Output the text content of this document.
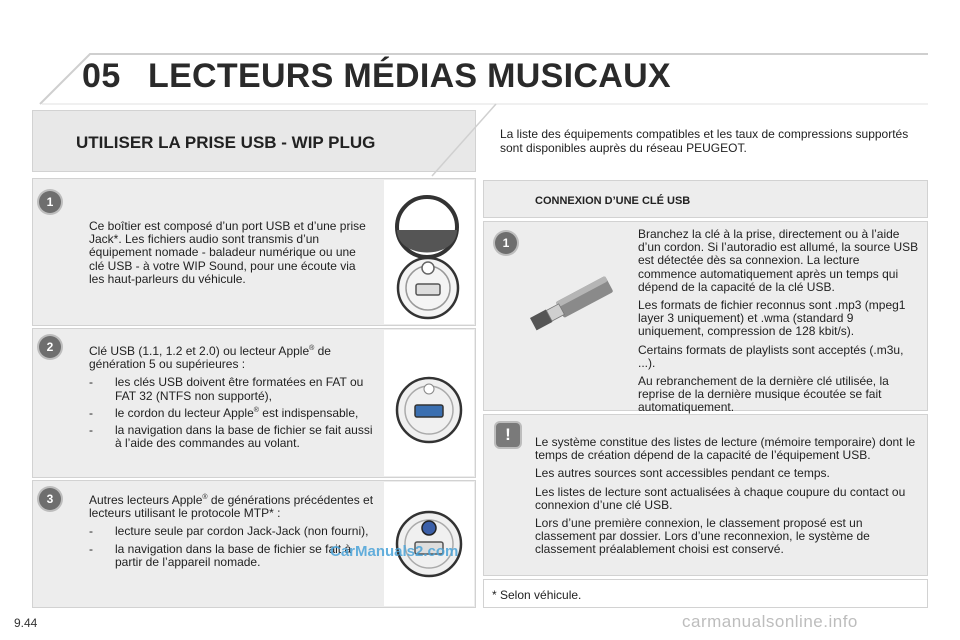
05 LECTEURS MÉDIAS MUSICAUX
UTILISER LA PRISE USB - WIP PLUG	La liste des équipements compatibles et les taux de compressions supportés sont disponibles auprès du réseau PEUGEOT.
1
2
3

Ce boîtier est composé d’un port USB et d’une prise Jack*. Les fichiers audio sont transmis d’un équipement nomade - baladeur numérique ou une clé USB - à votre WIP Sound, pour une écoute via les haut-parleurs du véhicule.

Clé USB (1.1, 1.2 et 2.0) ou lecteur Apple® de génération 5 ou supérieures :

- les clés USB doivent être formatées en FAT ou FAT 32 (NTFS non supporté),
- le cordon du lecteur Apple® est indispensable,
- la navigation dans la base de fichier se fait aussi à l’aide des commandes au volant.

Autres lecteurs Apple® de générations précédentes et lecteurs utilisant le protocole MTP* :

- lecture seule par cordon Jack-Jack (non fourni),
- la navigation dans la base de fichier se fait à partir de l’appareil nomade.
CONNEXION D’UNE CLÉ USB
1

Branchez la clé à la prise, directement ou à l’aide d’un cordon. Si l’autoradio est allumé, la source USB est détectée dès sa connexion. La lecture commence automatiquement après un temps qui dépend de la capacité de la clé USB.

Les formats de fichier reconnus sont .mp3 (mpeg1 layer 3 uniquement) et .wma (standard 9 uniquement, compression de 128 kbit/s).

Certains formats de playlists sont acceptés (.m3u, ...).

Au rebranchement de la dernière clé utilisée, la reprise de la dernière musique écoutée se fait automatiquement.

!	Le système constitue des listes de lecture (mémoire temporaire) dont le temps de création dépend de la capacité de l’équipement USB.

Les autres sources sont accessibles pendant ce temps.

Les listes de lecture sont actualisées à chaque coupure du contact ou connexion d’une clé USB.

Lors d’une première connexion, le classement proposé est un classement par dossier. Lors d’une reconnexion, le système de classement préalablement choisi est conservé.

* Selon véhicule.
CarManuals2.com
9.44	carmanualsonline.info
